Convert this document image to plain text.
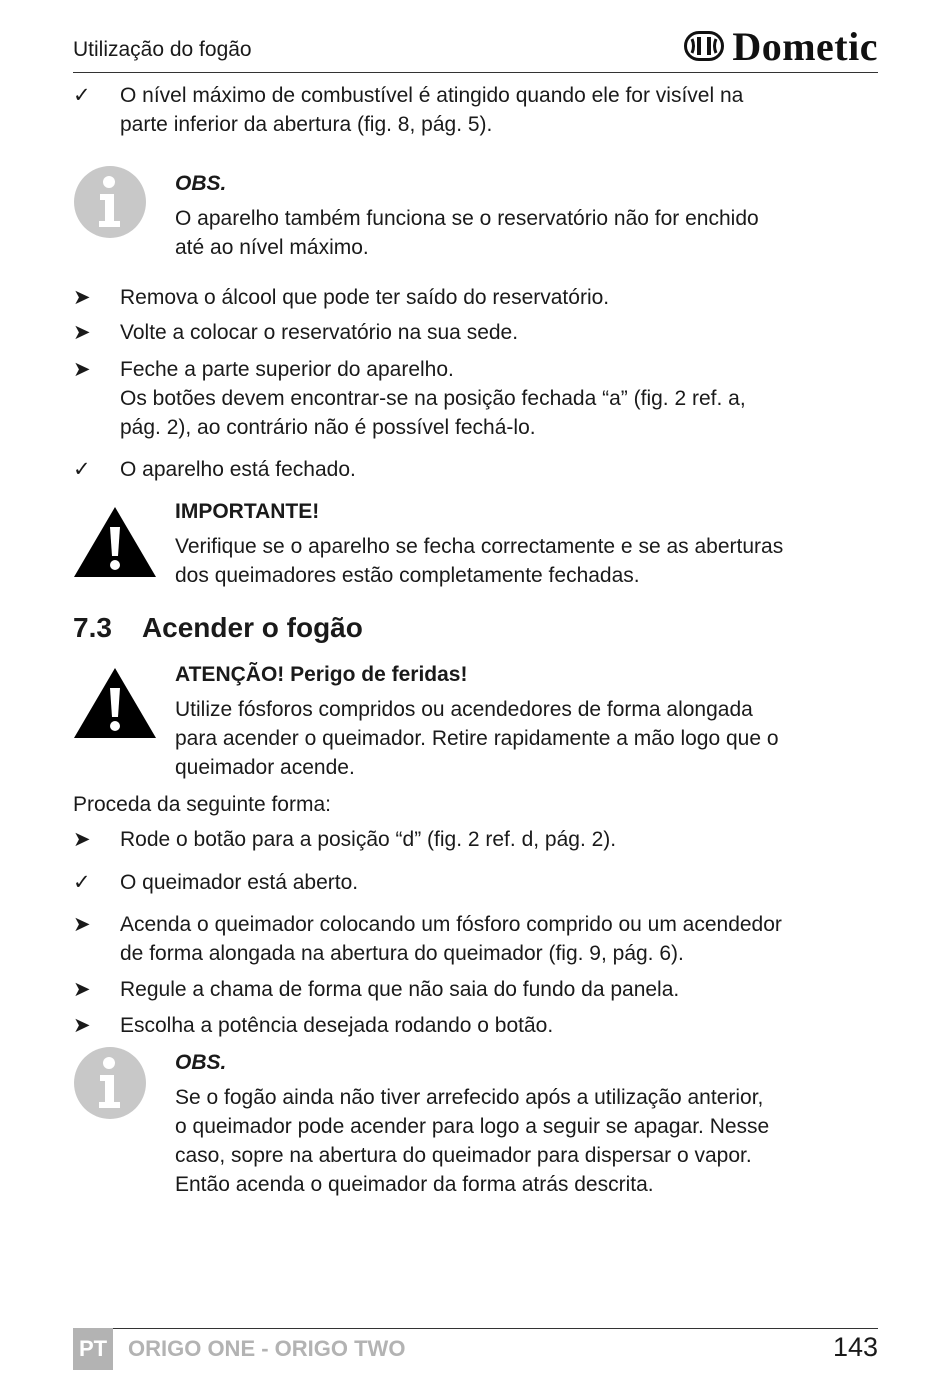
Utilização do fogão	Dometic
✓	O nível máximo de combustível é atingido quando ele for visível na
parte inferior da abertura (fig. 8, pág. 5).
OBS.
O aparelho também funciona se o reservatório não for enchido
até ao nível máximo.
➤	Remova o álcool que pode ter saído do reservatório.
➤	Volte a colocar o reservatório na sua sede.
➤	Feche a parte superior do aparelho.
Os botões devem encontrar-se na posição fechada “a” (fig. 2 ref. a,
pág. 2), ao contrário não é possível fechá-lo.
✓	O aparelho está fechado.
IMPORTANTE!
Verifique se o aparelho se fecha correctamente e se as aberturas
dos queimadores estão completamente fechadas.
7.3 Acender o fogão
ATENÇÃO! Perigo de feridas!
Utilize fósforos compridos ou acendedores de forma alongada
para acender o queimador. Retire rapidamente a mão logo que o
queimador acende.
Proceda da seguinte forma:
➤	Rode o botão para a posição “d” (fig. 2 ref. d, pág. 2).
✓	O queimador está aberto.
➤	Acenda o queimador colocando um fósforo comprido ou um acendedor
de forma alongada na abertura do queimador (fig. 9, pág. 6).
➤	Regule a chama de forma que não saia do fundo da panela.
➤	Escolha a potência desejada rodando o botão.
OBS.
Se o fogão ainda não tiver arrefecido após a utilização anterior,
o queimador pode acender para logo a seguir se apagar. Nesse
caso, sopre na abertura do queimador para dispersar o vapor.
Então acenda o queimador da forma atrás descrita.
PT ORIGO ONE - ORIGO TWO	143
